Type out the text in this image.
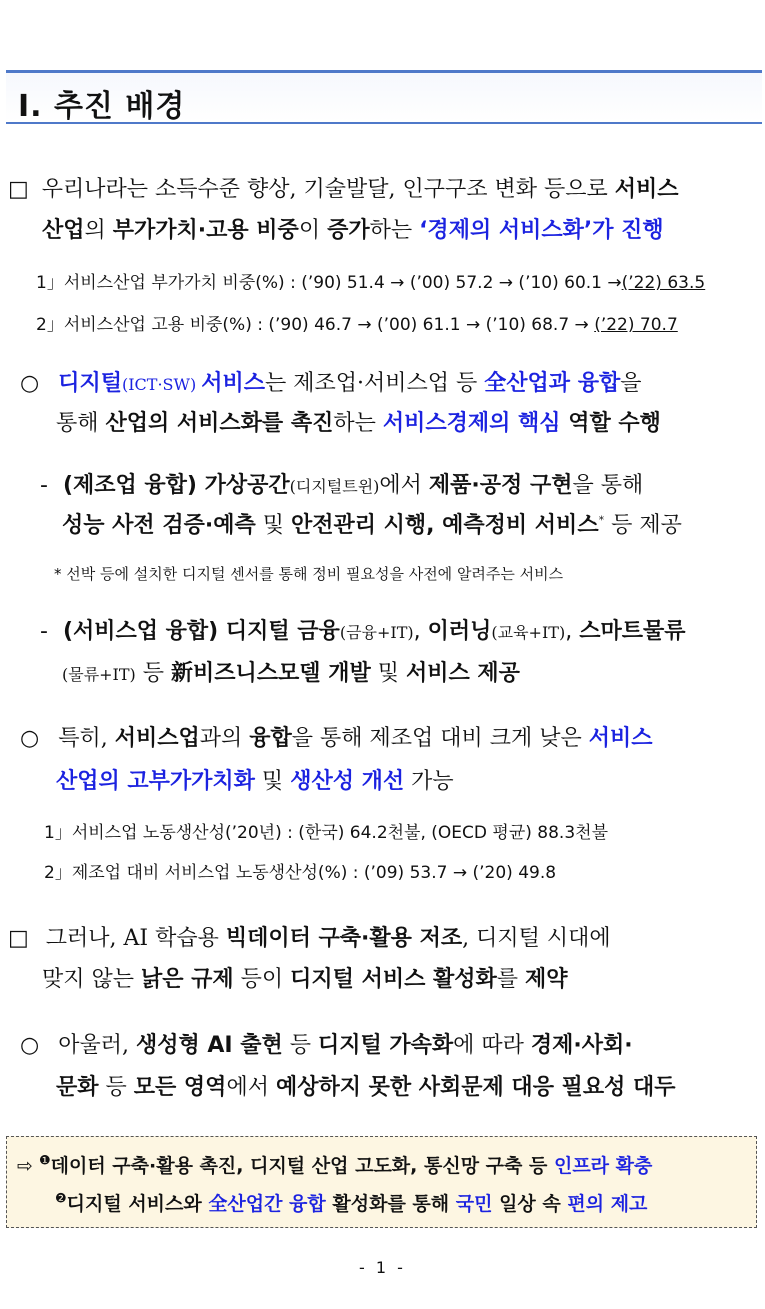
Ⅰ. 추진 배경
□ 우리나라는 소득수준 향상, 기술발달, 인구구조 변화 등으로 서비스
산업의 부가가치·고용 비중이 증가하는 ‘경제의 서비스화’가 진행
1」서비스산업 부가가치 비중(%) : (’90) 51.4 → (’00) 57.2 → (’10) 60.1 →(’22) 63.5
2」서비스산업 고용 비중(%) : (’90) 46.7 → (’00) 61.1 → (’10) 68.7 → (’22) 70.7
○ 디지털(ICT·SW) 서비스는 제조업·서비스업 등 全산업과 융합을
통해 산업의 서비스화를 촉진하는 서비스경제의 핵심 역할 수행
- (제조업 융합) 가상공간(디지털트윈)에서 제품·공정 구현을 통해
성능 사전 검증·예측 및 안전관리 시행, 예측정비 서비스* 등 제공
* 선박 등에 설치한 디지털 센서를 통해 정비 필요성을 사전에 알려주는 서비스
- (서비스업 융합) 디지털 금융(금융+IT), 이러닝(교육+IT), 스마트물류
(물류+IT) 등 新비즈니스모델 개발 및 서비스 제공
○ 특히, 서비스업과의 융합을 통해 제조업 대비 크게 낮은 서비스
산업의 고부가가치화 및 생산성 개선 가능
1」서비스업 노동생산성(’20년) : (한국) 64.2천불, (OECD 평균) 88.3천불
2」제조업 대비 서비스업 노동생산성(%) : (’09) 53.7 → (’20) 49.8
□ 그러나, AI 학습용 빅데이터 구축·활용 저조, 디지털 시대에
맞지 않는 낡은 규제 등이 디지털 서비스 활성화를 제약
○ 아울러, 생성형 AI 출현 등 디지털 가속화에 따라 경제·사회·
문화 등 모든 영역에서 예상하지 못한 사회문제 대응 필요성 대두
⇨ $^❶$데이터 구축·활용 촉진, 디지털 산업 고도화, 통신망 구축 등 인프라 확충
$^❷$디지털 서비스와 全산업간 융합 활성화를 통해 국민 일상 속 편의 제고
- 1 -
